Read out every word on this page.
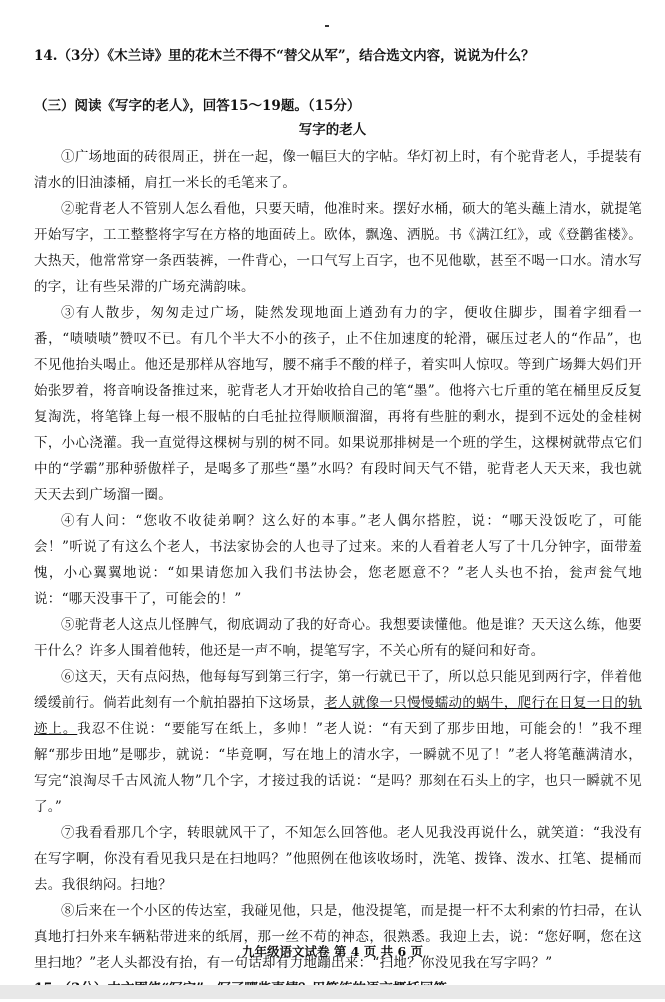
14.（3分）《木兰诗》里的花木兰不得不“替父从军”，结合选文内容，说说为什么？
（三）阅读《写字的老人》，回答15～19题。（15分）
写字的老人

①广场地面的砖很周正，拼在一起，像一幅巨大的字帖。华灯初上时，有个驼背老人，手提装有清水的旧油漆桶，肩扛一米长的毛笔来了。

②驼背老人不管别人怎么看他，只要天晴，他准时来。摆好水桶，硕大的笔头蘸上清水，就提笔开始写字，工工整整将字写在方格的地面砖上。欧体，飘逸、洒脱。书《满江红》，或《登鹳雀楼》。大热天，他常常穿一条西装裤，一件背心，一口气写上百字，也不见他歇，甚至不喝一口水。清水写的字，让有些呆滞的广场充满韵味。

③有人散步，匆匆走过广场，陡然发现地面上遒劲有力的字，便收住脚步，围着字细看一番，“啧啧啧”赞叹不已。有几个半大不小的孩子，止不住加速度的轮滑，碾压过老人的“作品”，也不见他抬头喝止。他还是那样从容地写，腰不痛手不酸的样子，着实叫人惊叹。等到广场舞大妈们开始张罗着，将音响设备推过来，驼背老人才开始收拾自己的笔“墨”。他将六七斤重的笔在桶里反反复复淘洗，将笔锋上每一根不服帖的白毛扯拉得顺顺溜溜，再将有些脏的剩水，提到不远处的金桂树下，小心浇灌。我一直觉得这棵树与别的树不同。如果说那排树是一个班的学生，这棵树就带点它们中的“学霸”那种骄傲样子，是喝多了那些“墨”水吗？有段时间天气不错，驼背老人天天来，我也就天天去到广场溜一圈。

④有人问：“您收不收徒弟啊？这么好的本事。”老人偶尔搭腔，说：“哪天没饭吃了，可能会！”听说了有这么个老人，书法家协会的人也寻了过来。来的人看着老人写了十几分钟字，面带羞愧，小心翼翼地说：“如果请您加入我们书法协会，您老愿意不？”老人头也不抬，瓮声瓮气地说：“哪天没事干了，可能会的！”

⑤驼背老人这点儿怪脾气，彻底调动了我的好奇心。我想要读懂他。他是谁？天天这么练，他要干什么？许多人围着他转，他还是一声不响，提笔写字，不关心所有的疑问和好奇。

⑥这天，天有点闷热，他每每写到第三行字，第一行就已干了，所以总只能见到两行字，伴着他缓缓前行。倘若此刻有一个航拍器拍下这场景，老人就像一只慢慢蠕动的蜗牛，爬行在日复一日的轨迹上。我忍不住说：“要能写在纸上，多帅！”老人说：“有天到了那步田地，可能会的！”我不理解“那步田地”是哪步，就说：“毕竟啊，写在地上的清水字，一瞬就不见了！”老人将笔蘸满清水，写完“浪淘尽千古风流人物”几个字，才接过我的话说：“是吗？那刻在石头上的字，也只一瞬就不见了。”

⑦我看看那几个字，转眼就风干了，不知怎么回答他。老人见我没再说什么，就笑道：“我没有在写字啊，你没有看见我只是在扫地吗？”他照例在他该收场时，洗笔、拨锋、泼水、扛笔、提桶而去。我很纳闷。扫地？

⑧后来在一个小区的传达室，我碰见他，只是，他没提笔，而是提一杆不太利索的竹扫帚，在认真地打扫外来车辆粘带进来的纸屑，那一丝不苟的神态，很熟悉。我迎上去，说：“您好啊，您在这里扫地？”老人头都没有抬，有一句话却有力地蹦出来：“扫地？你没见我在写字吗？”

九年级语文试卷 第 4 页 共 6 页
